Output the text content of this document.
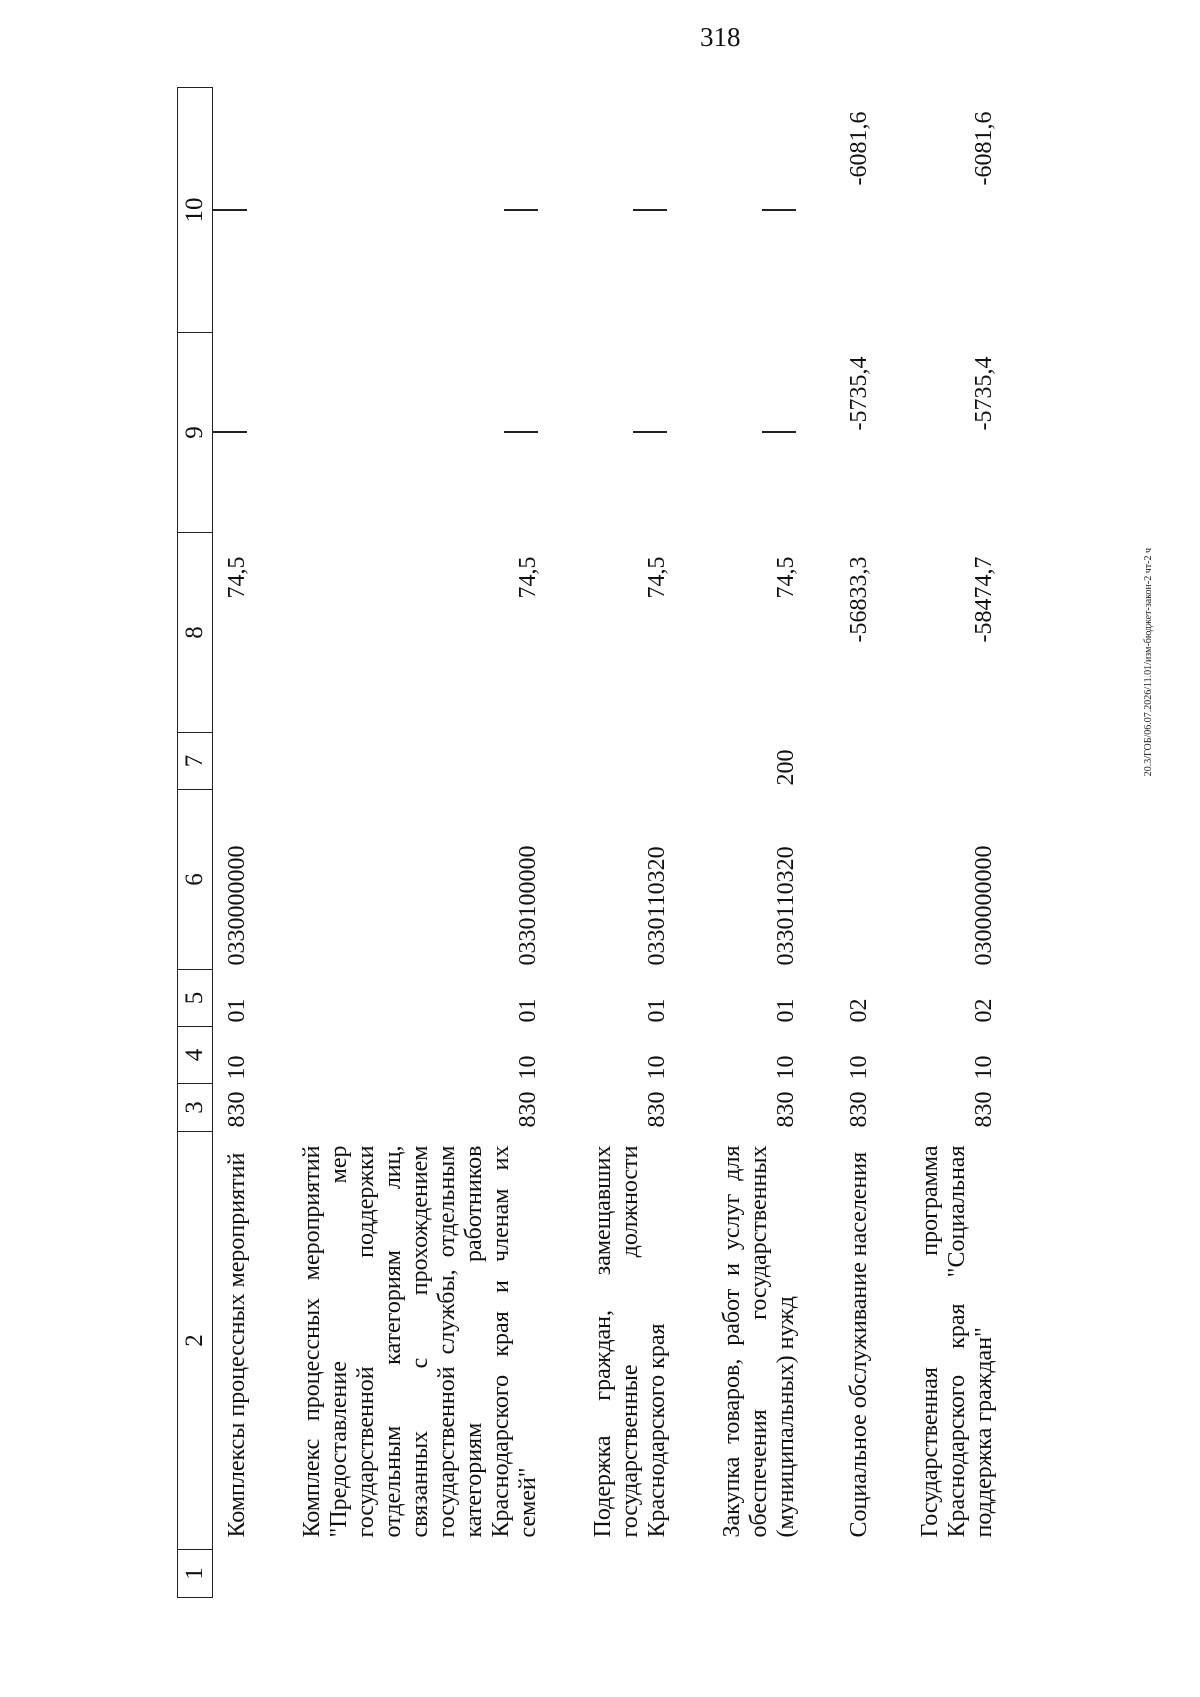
318
20.3/ГОБ/06.07.2026/11.01/изм-бюджет-закон-2 чт-2 ч
1	2	3	4	5	6	7	8	9	10
	Комплексы процессных мероприятий	830	10	01	0330000000		74,5		

	Комплекс процессных мероприятий "Предоставление мер государственной поддержки отдельным категориям лиц, связанных с прохождением государственной службы, отдельным категориям работников Краснодарского края и членам их семей"	830	10	01	0330100000		74,5		

	Подержка граждан, замещавших государственные должности Краснодарского края	830	10	01	0330110320		74,5		

	Закупка товаров, работ и услуг для обеспечения государственных (муниципальных) нужд	830	10	01	0330110320	200	74,5		

	Социальное обслуживание населения	830	10	02			-56833,3	-5735,4	-6081,6

	Государственная программа Краснодарского края "Социальная поддержка граждан"	830	10	02	0300000000		-58474,7	-5735,4	-6081,6
